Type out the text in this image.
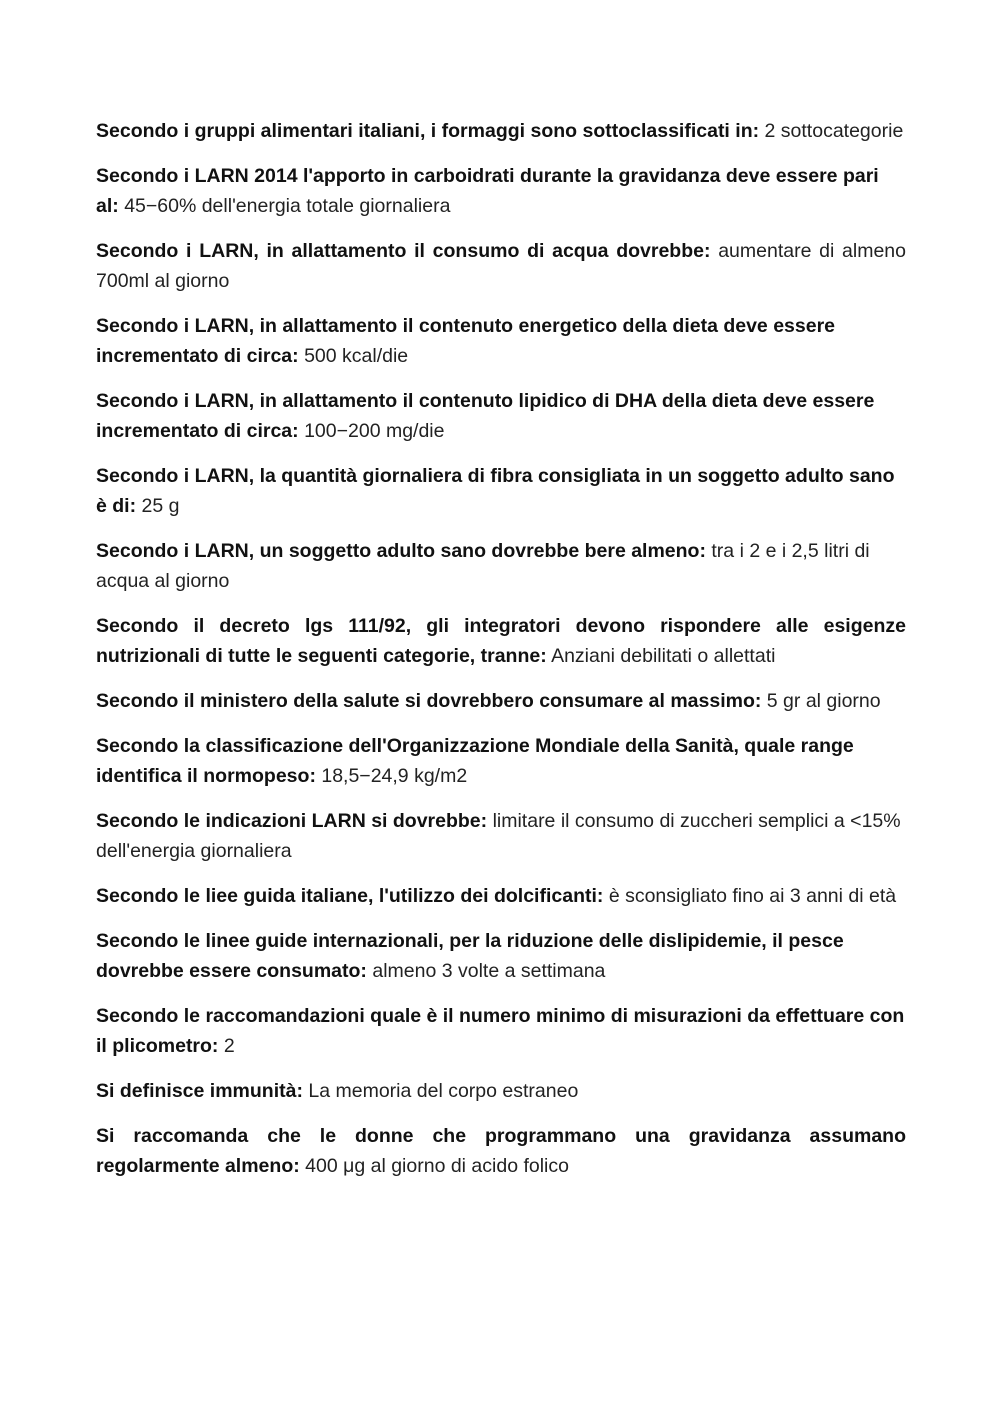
Secondo i gruppi alimentari italiani, i formaggi sono sottoclassificati in: 2 sottocategorie
Secondo i LARN 2014 l'apporto in carboidrati durante la gravidanza deve essere pari al: 45−60% dell'energia totale giornaliera
Secondo i LARN, in allattamento il consumo di acqua dovrebbe: aumentare di almeno 700ml al giorno
Secondo i LARN, in allattamento il contenuto energetico della dieta deve essere incrementato di circa: 500 kcal/die
Secondo i LARN, in allattamento il contenuto lipidico di DHA della dieta deve essere incrementato di circa: 100−200 mg/die
Secondo i LARN, la quantità giornaliera di fibra consigliata in un soggetto adulto sano è di: 25 g
Secondo i LARN, un soggetto adulto sano dovrebbe bere almeno: tra i 2 e i 2,5 litri di acqua al giorno
Secondo il decreto lgs 111/92, gli integratori devono rispondere alle esigenze nutrizionali di tutte le seguenti categorie, tranne: Anziani debilitati o allettati
Secondo il ministero della salute si dovrebbero consumare al massimo: 5 gr al giorno
Secondo la classificazione dell'Organizzazione Mondiale della Sanità, quale range identifica il normopeso: 18,5−24,9 kg/m2
Secondo le indicazioni LARN si dovrebbe: limitare il consumo di zuccheri semplici a <15% dell'energia giornaliera
Secondo le liee guida italiane, l'utilizzo dei dolcificanti: è sconsigliato fino ai 3 anni di età
Secondo le linee guide internazionali, per la riduzione delle dislipidemie, il pesce dovrebbe essere consumato: almeno 3 volte a settimana
Secondo le raccomandazioni quale è il numero minimo di misurazioni da effettuare con il plicometro: 2
Si definisce immunità: La memoria del corpo estraneo
Si raccomanda che le donne che programmano una gravidanza assumano regolarmente almeno: 400 μg al giorno di acido folico
